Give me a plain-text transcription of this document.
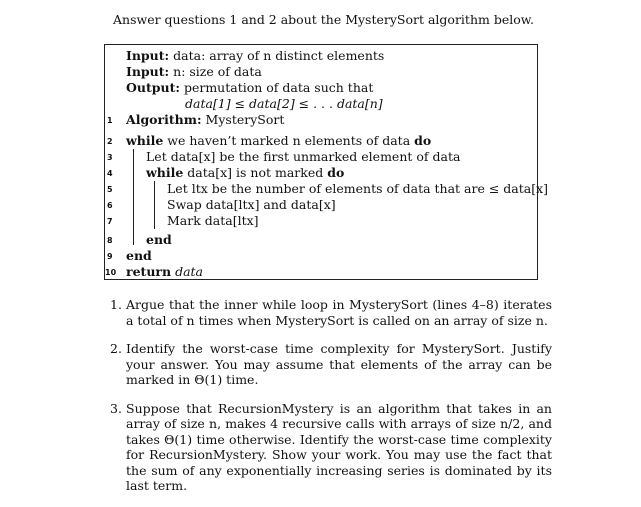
Answer questions 1 and 2 about the MysterySort algorithm below.
Input: data: array of n distinct elements
Input: n: size of data
Output: permutation of data such that
data[1] ≤ data[2] ≤ . . . data[n]
1	Algorithm: MysterySort
2	while we haven’t marked n elements of data do
3	Let data[x] be the first unmarked element of data
4	while data[x] is not marked do
5	Let ltx be the number of elements of data that are ≤ data[x]
6	Swap data[ltx] and data[x]
7	Mark data[ltx]
8	end
9	end
10 return data
1. Argue that the inner while loop in MysterySort (lines 4–8) iterates a total of n times when MysterySort is called on an array of size n.
2. Identify the worst-case time complexity for MysterySort. Justify your answer. You may assume that elements of the array can be marked in Θ(1) time.
3. Suppose that RecursionMystery is an algorithm that takes in an array of size n, makes 4 recursive calls with arrays of size n/2, and takes Θ(1) time otherwise. Identify the worst-case time complexity for RecursionMystery. Show your work. You may use the fact that the sum of any exponentially increasing series is dominated by its last term.
